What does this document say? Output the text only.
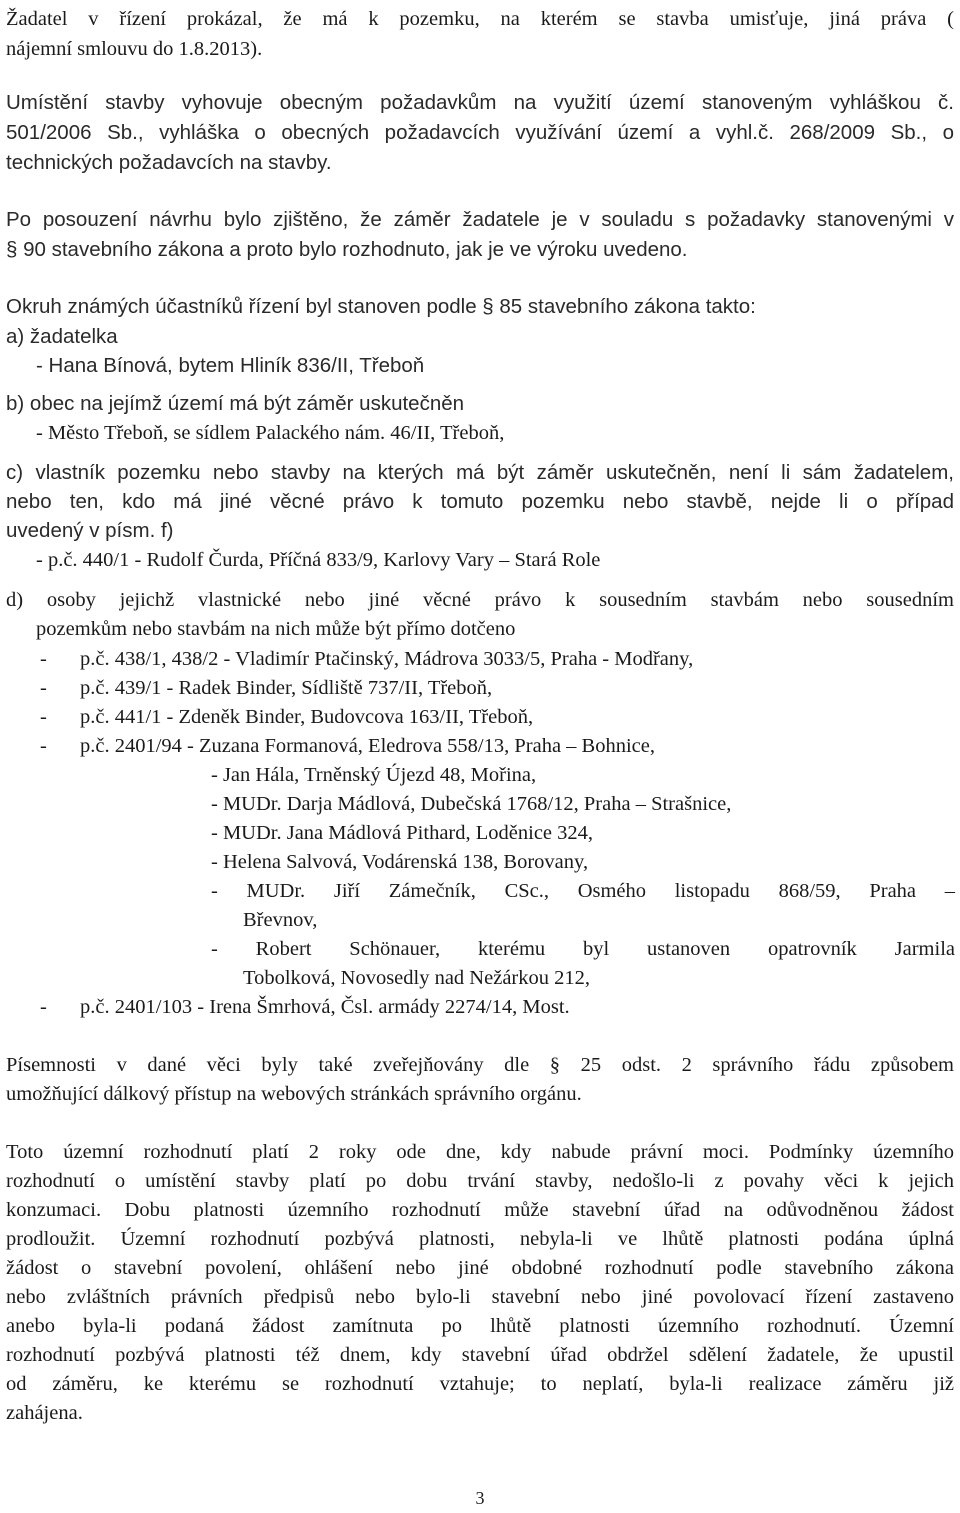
Žadatel v řízení prokázal, že má k pozemku, na kterém se stavba umisťuje, jiná práva (
nájemní smlouvu do 1.8.2013).
Umístění stavby vyhovuje obecným požadavkům na využití území stanoveným vyhláškou č.
501/2006 Sb., vyhláška o obecných požadavcích využívání území a vyhl.č. 268/2009 Sb., o
technických požadavcích na stavby.
Po posouzení návrhu bylo zjištěno, že záměr žadatele je v souladu s požadavky stanovenými v
§ 90 stavebního zákona a proto bylo rozhodnuto, jak je ve výroku uvedeno.
Okruh známých účastníků řízení byl stanoven podle § 85 stavebního zákona takto:
a) žadatelka
- Hana Bínová, bytem Hliník 836/II, Třeboň
b) obec na jejímž území má být záměr uskutečněn
- Město Třeboň, se sídlem Palackého nám. 46/II, Třeboň,
c) vlastník pozemku nebo stavby na kterých má být záměr uskutečněn, není li sám žadatelem,
nebo ten, kdo má jiné věcné právo k tomuto pozemku nebo stavbě, nejde li o případ
uvedený v písm. f)
- p.č. 440/1 - Rudolf Čurda, Příčná 833/9, Karlovy Vary – Stará Role
d) osoby jejichž vlastnické nebo jiné věcné právo k sousedním stavbám nebo sousedním
pozemkům nebo stavbám na nich může být přímo dotčeno
- p.č. 438/1, 438/2 - Vladimír Ptačinský, Mádrova 3033/5, Praha - Modřany,
- p.č. 439/1 - Radek Binder, Sídliště 737/II, Třeboň,
- p.č. 441/1 - Zdeněk Binder, Budovcova 163/II, Třeboň,
- p.č. 2401/94 - Zuzana Formanová, Eledrova 558/13, Praha – Bohnice,
- Jan Hála, Trněnský Újezd 48, Mořina,
- MUDr. Darja Mádlová, Dubečská 1768/12, Praha – Strašnice,
- MUDr. Jana Mádlová Pithard, Loděnice 324,
- Helena Salvová, Vodárenská 138, Borovany,
- MUDr. Jiří Zámečník, CSc., Osmého listopadu 868/59, Praha –
Břevnov,
- Robert Schönauer, kterému byl ustanoven opatrovník Jarmila
Tobolková, Novosedly nad Nežárkou 212,
- p.č. 2401/103 - Irena Šmrhová, Čsl. armády 2274/14, Most.
Písemnosti v dané věci byly také zveřejňovány dle § 25 odst. 2 správního řádu způsobem
umožňující dálkový přístup na webových stránkách správního orgánu.
Toto územní rozhodnutí platí 2 roky ode dne, kdy nabude právní moci. Podmínky územního
rozhodnutí o umístění stavby platí po dobu trvání stavby, nedošlo-li z povahy věci k jejich
konzumaci. Dobu platnosti územního rozhodnutí může stavební úřad na odůvodněnou žádost
prodloužit. Územní rozhodnutí pozbývá platnosti, nebyla-li ve lhůtě platnosti podána úplná
žádost o stavební povolení, ohlášení nebo jiné obdobné rozhodnutí podle stavebního zákona
nebo zvláštních právních předpisů nebo bylo-li stavební nebo jiné povolovací řízení zastaveno
anebo byla-li podaná žádost zamítnuta po lhůtě platnosti územního rozhodnutí. Územní
rozhodnutí pozbývá platnosti též dnem, kdy stavební úřad obdržel sdělení žadatele, že upustil
od záměru, ke kterému se rozhodnutí vztahuje; to neplatí, byla-li realizace záměru již
zahájena.
3
